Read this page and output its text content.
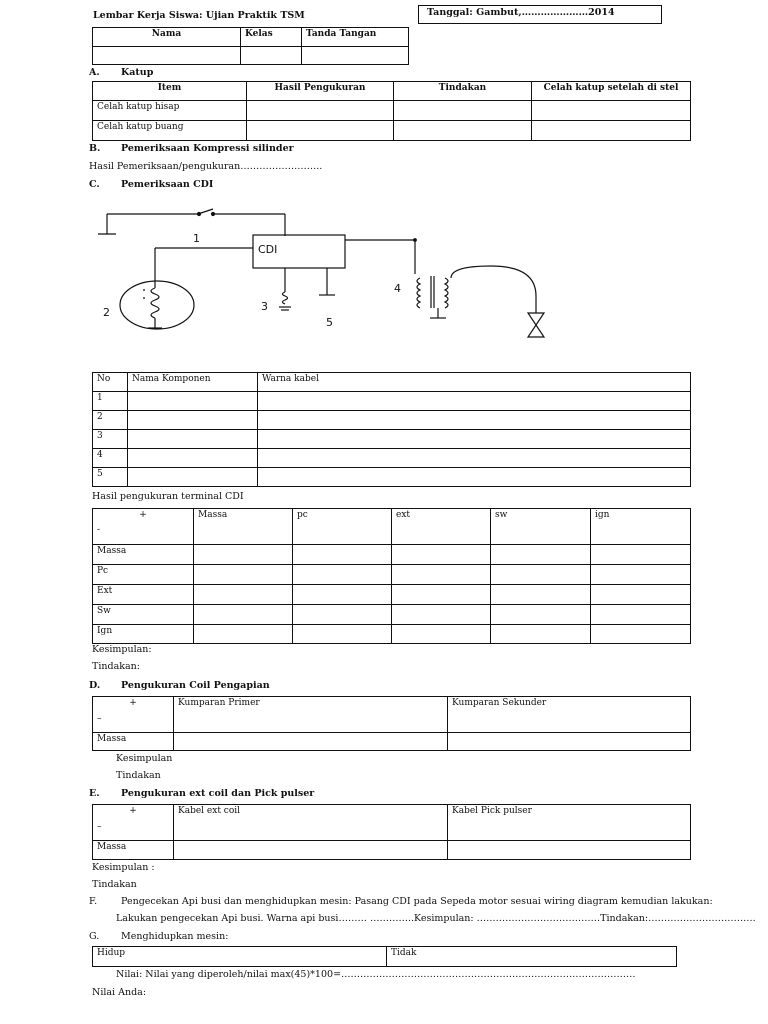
Lembar Kerja Siswa: Ujian Praktik TSM	Tanggal: Gambut,…………………2014
Nama	Kelas	Tanda Tangan

A. Katup
Item	Hasil Pengukuran	Tindakan	Celah katup setelah di stel
Celah katup hisap			
Celah katup buang			
B. Pemeriksaan Kompressi silinder
Hasil Pemeriksaan/pengukuran……………………..
C. Pemeriksaan CDI
CDI
1
2	3
5
4
No	Nama Komponen	Warna kabel
1		
2		
3		
4		
5		
Hasil pengukuran terminal CDI
+
-	Massa	pc	ext	sw	ign
Massa					
Pc					
Ext					
Sw					
Ign					
Kesimpulan:
Tindakan:
D. Pengukuran Coil Pengapian
+
–	Kumparan Primer	Kumparan Sekunder
Massa		
Kesimpulan
Tindakan
E. Pengukuran ext coil dan Pick pulser
+
–	Kabel ext coil	Kabel Pick pulser
Massa		
Kesimpulan :
Tindakan
F.	Pengecekan Api busi dan menghidupkan mesin: Pasang CDI pada Sepeda motor sesuai wiring diagram kemudian lakukan:
Lakukan pengecekan Api busi. Warna api busi……… …………..Kesimpulan: …………………………………Tindakan:…………………………….
G. Menghidupkan mesin:
Hidup	Tidak
Nilai: Nilai yang diperoleh/nilai max(45)*100=…………………………………………………………………………………
Nilai Anda:
